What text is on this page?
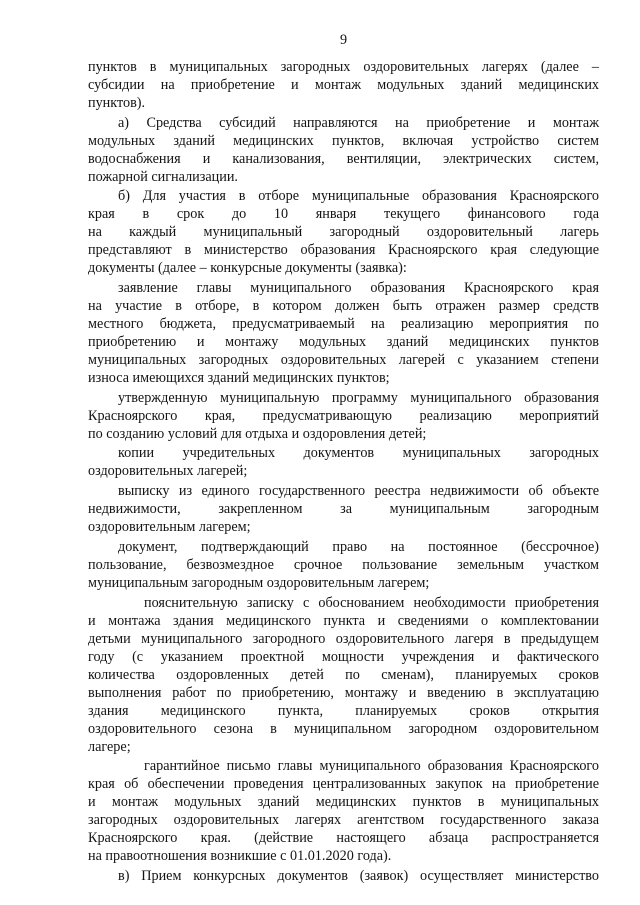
9
пунктов в муниципальных загородных оздоровительных лагерях (далее –
субсидии на приобретение и монтаж модульных зданий медицинских
пунктов).
а) Средства субсидий направляются на приобретение и монтаж
модульных зданий медицинских пунктов, включая устройство систем
водоснабжения и канализования, вентиляции, электрических систем,
пожарной сигнализации.
б) Для участия в отборе муниципальные образования Красноярского
края в срок до 10 января текущего финансового года
на каждый муниципальный загородный оздоровительный лагерь
представляют в министерство образования Красноярского края следующие
документы (далее – конкурсные документы (заявка):
заявление главы муниципального образования Красноярского края
на участие в отборе, в котором должен быть отражен размер средств
местного бюджета, предусматриваемый на реализацию мероприятия по
приобретению и монтажу модульных зданий медицинских пунктов
муниципальных загородных оздоровительных лагерей с указанием степени
износа имеющихся зданий медицинских пунктов;
утвержденную муниципальную программу муниципального образования
Красноярского края, предусматривающую реализацию мероприятий
по созданию условий для отдыха и оздоровления детей;
копии учредительных документов муниципальных загородных
оздоровительных лагерей;
выписку из единого государственного реестра недвижимости об объекте
недвижимости, закрепленном за муниципальным загородным
оздоровительным лагерем;
документ, подтверждающий право на постоянное (бессрочное)
пользование, безвозмездное срочное пользование земельным участком
муниципальным загородным оздоровительным лагерем;
пояснительную записку с обоснованием необходимости приобретения
и монтажа здания медицинского пункта и сведениями о комплектовании
детьми муниципального загородного оздоровительного лагеря в предыдущем
году (с указанием проектной мощности учреждения и фактического
количества оздоровленных детей по сменам), планируемых сроков
выполнения работ по приобретению, монтажу и введению в эксплуатацию
здания медицинского пункта, планируемых сроков открытия
оздоровительного сезона в муниципальном загородном оздоровительном
лагере;
гарантийное письмо главы муниципального образования Красноярского
края об обеспечении проведения централизованных закупок на приобретение
и монтаж модульных зданий медицинских пунктов в муниципальных
загородных оздоровительных лагерях агентством государственного заказа
Красноярского края. (действие настоящего абзаца распространяется
на правоотношения возникшие с 01.01.2020 года).
в) Прием конкурсных документов (заявок) осуществляет министерство
